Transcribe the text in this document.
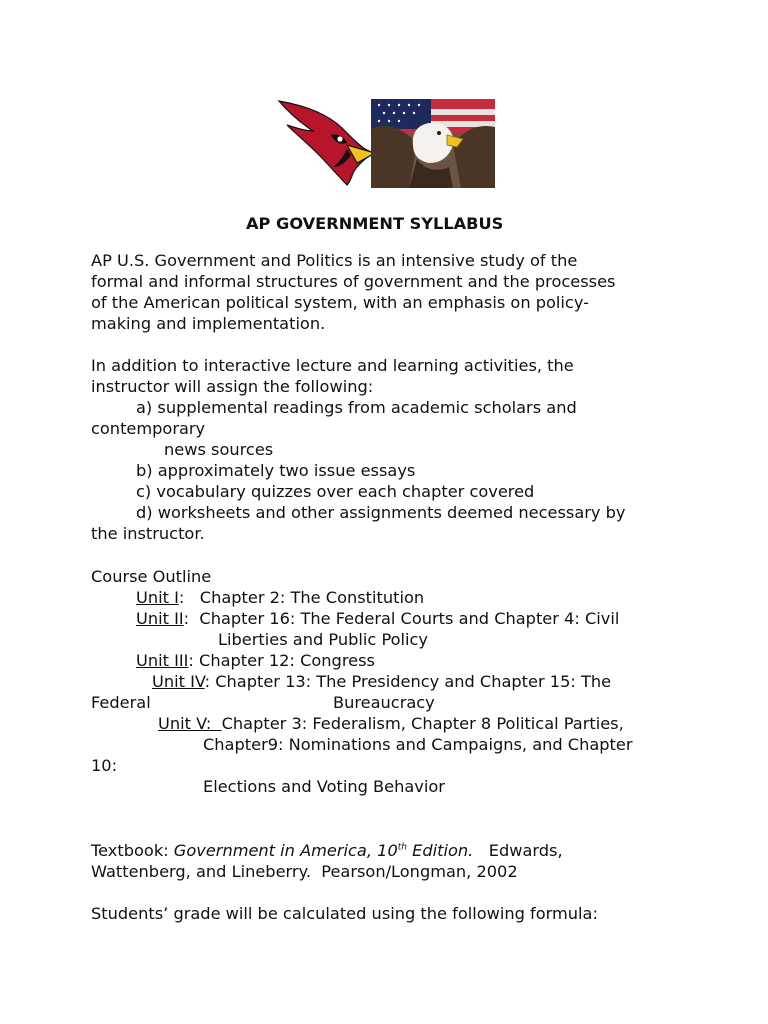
AP GOVERNMENT SYLLABUS
AP U.S. Government and Politics is an intensive study of the
formal and informal structures of government and the processes
of the American political system, with an emphasis on policy-
making and implementation.
In addition to interactive lecture and learning activities, the
instructor will assign the following:
a) supplemental readings from academic scholars and
contemporary
news sources
b) approximately two issue essays
c) vocabulary quizzes over each chapter covered
d) worksheets and other assignments deemed necessary by
the instructor.
Course Outline
Unit I:   Chapter 2: The Constitution
Unit II:  Chapter 16: The Federal Courts and Chapter 4: Civil
Liberties and Public Policy
Unit III: Chapter 12: Congress
Unit IV: Chapter 13: The Presidency and Chapter 15: The
Federal	Bureaucracy
Unit V:  Chapter 3: Federalism, Chapter 8 Political Parties,
Chapter9: Nominations and Campaigns, and Chapter
10:
Elections and Voting Behavior
Textbook: Government in America, 10th Edition.   Edwards,
Wattenberg, and Lineberry.  Pearson/Longman, 2002
Students’ grade will be calculated using the following formula:
